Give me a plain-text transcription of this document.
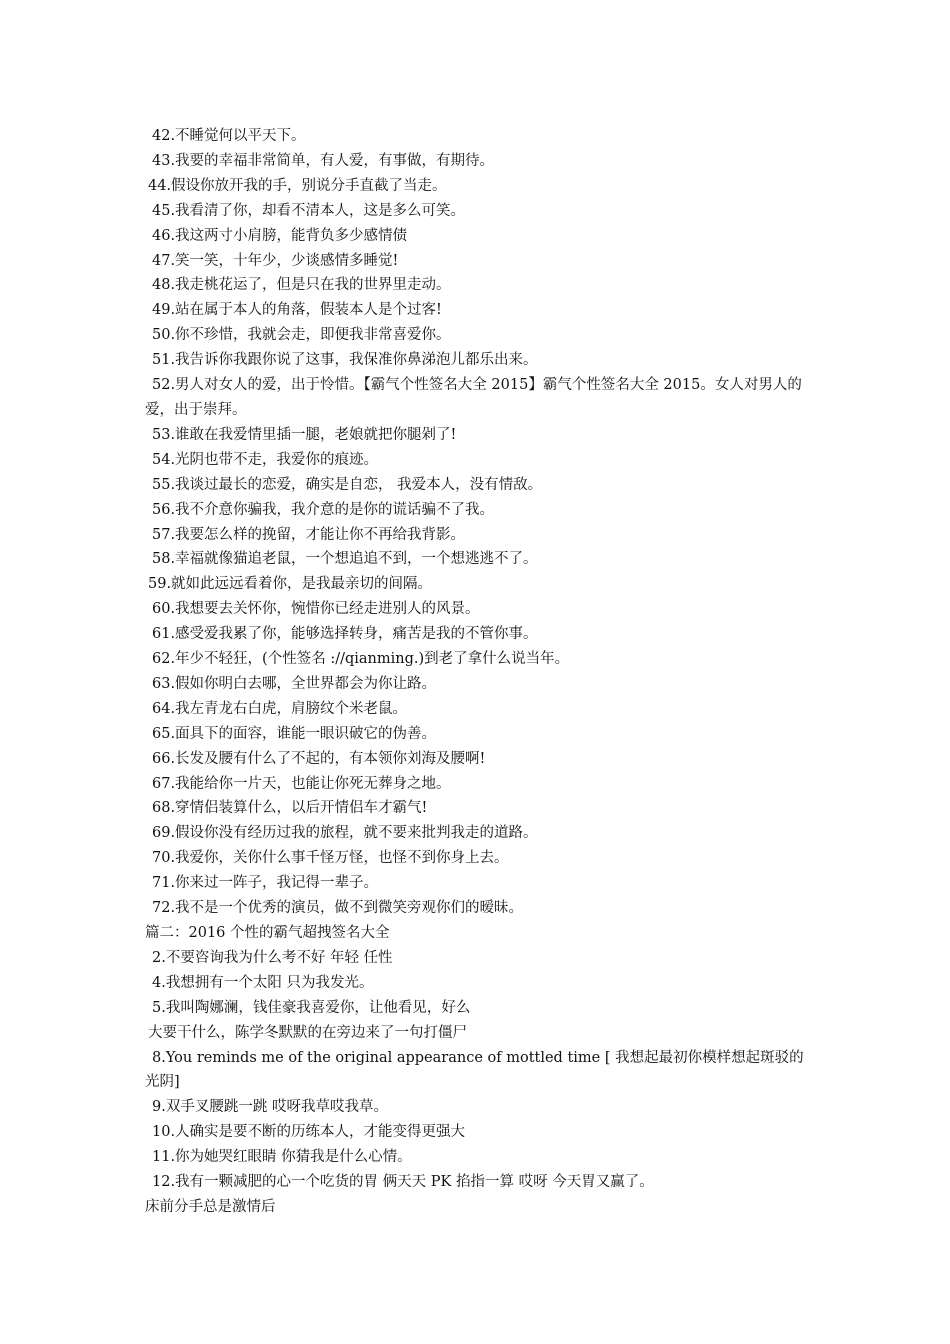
42.不睡觉何以平天下。

43.我要的幸福非常简单，有人爱，有事做，有期待。

44.假设你放开我的手，别说分手直截了当走。

45.我看清了你，却看不清本人，这是多么可笑。

46.我这两寸小肩膀，能背负多少感情债

47.笑一笑，十年少，少谈感情多睡觉!

48.我走桃花运了，但是只在我的世界里走动。

49.站在属于本人的角落，假装本人是个过客!

50.你不珍惜，我就会走，即便我非常喜爱你。

51.我告诉你我跟你说了这事，我保准你鼻涕泡儿都乐出来。

52.男人对女人的爱，出于怜惜。【霸气个性签名大全 2015】霸气个性签名大全 2015。女人对男人的爱，出于崇拜。

53.谁敢在我爱情里插一腿，老娘就把你腿剁了!

54.光阴也带不走，我爱你的痕迹。

55.我谈过最长的恋爱，确实是自恋， 我爱本人，没有情敌。

56.我不介意你骗我，我介意的是你的谎话骗不了我。

57.我要怎么样的挽留，才能让你不再给我背影。

58.幸福就像猫追老鼠，一个想追追不到，一个想逃逃不了。

59.就如此远远看着你，是我最亲切的间隔。

60.我想要去关怀你，惋惜你已经走进别人的风景。

61.感受爱我累了你，能够选择转身，痛苦是我的不管你事。

62.年少不轻狂，(个性签名 ://qianming.)到老了拿什么说当年。

63.假如你明白去哪，全世界都会为你让路。

64.我左青龙右白虎，肩膀纹个米老鼠。

65.面具下的面容，谁能一眼识破它的伪善。

66.长发及腰有什么了不起的，有本领你刘海及腰啊!

67.我能给你一片天，也能让你死无葬身之地。

68.穿情侣装算什么，以后开情侣车才霸气!

69.假设你没有经历过我的旅程，就不要来批判我走的道路。

70.我爱你，关你什么事千怪万怪，也怪不到你身上去。

71.你来过一阵子，我记得一辈子。

72.我不是一个优秀的演员，做不到微笑旁观你们的暧昧。

篇二：2016 个性的霸气超拽签名大全

2.不要咨询我为什么考不好 年轻 任性

4.我想拥有一个太阳 只为我发光。

5.我叫陶娜澜，钱佳豪我喜爱你，让他看见，好么

大要干什么，陈学冬默默的在旁边来了一句打僵尸

8.You reminds me of the original appearance of mottled time [ 我想起最初你模样想起斑驳的光阴]

9.双手叉腰跳一跳 哎呀我草哎我草。

10.人确实是要不断的历练本人，才能变得更强大

11.你为她哭红眼睛 你猜我是什么心情。

12.我有一颗减肥的心一个吃货的胃 俩天天 PK 掐指一算 哎呀 今天胃又赢了。

床前分手总是激情后
